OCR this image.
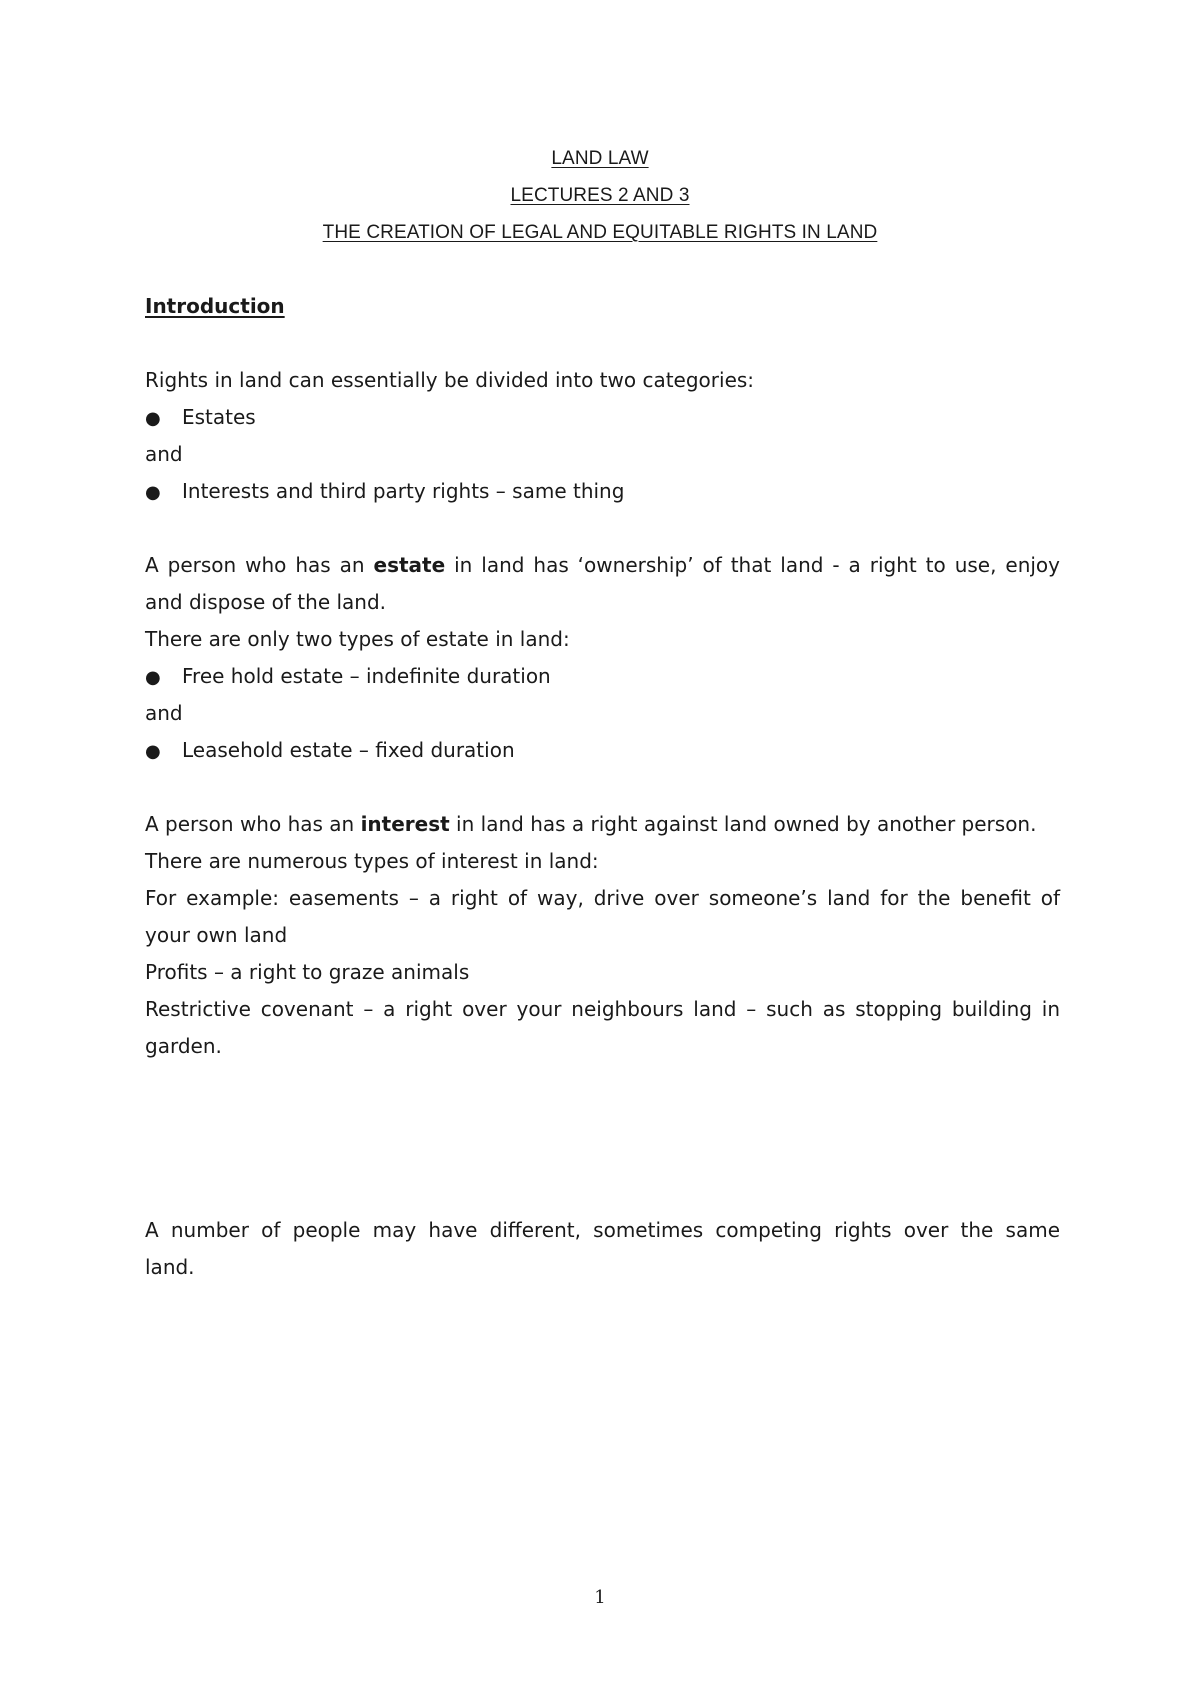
LAND LAW
LECTURES 2 AND 3
THE CREATION OF LEGAL AND EQUITABLE RIGHTS IN LAND
Introduction
Rights in land can essentially be divided into two categories:
● Estates
and
● Interests and third party rights – same thing
A person who has an estate in land has ‘ownership’ of that land - a right to use, enjoy
and dispose of the land.
There are only two types of estate in land:
● Free hold estate – indefinite duration
and
● Leasehold estate – fixed duration
A person who has an interest in land has a right against land owned by another person.
There are numerous types of interest in land:
For example: easements – a right of way, drive over someone’s land for the benefit of
your own land
Profits – a right to graze animals
Restrictive covenant – a right over your neighbours land – such as stopping building in
garden.
A number of people may have different, sometimes competing rights over the same
land.
1
